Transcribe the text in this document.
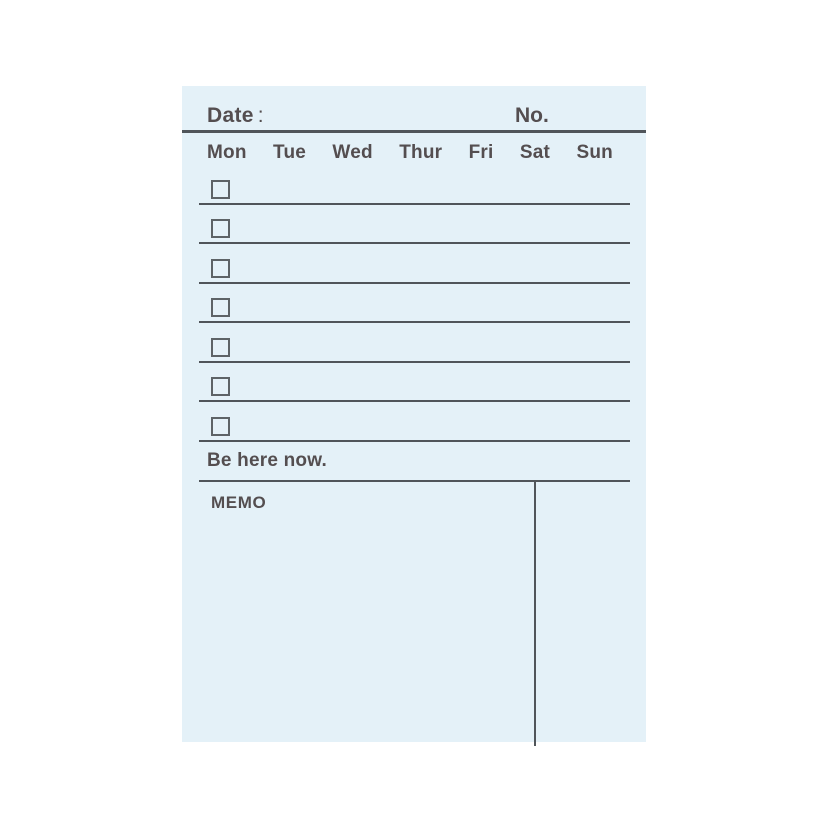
Date :	No.
Mon Tue Wed Thur Fri Sat Sun
Be here now.
MEMO
